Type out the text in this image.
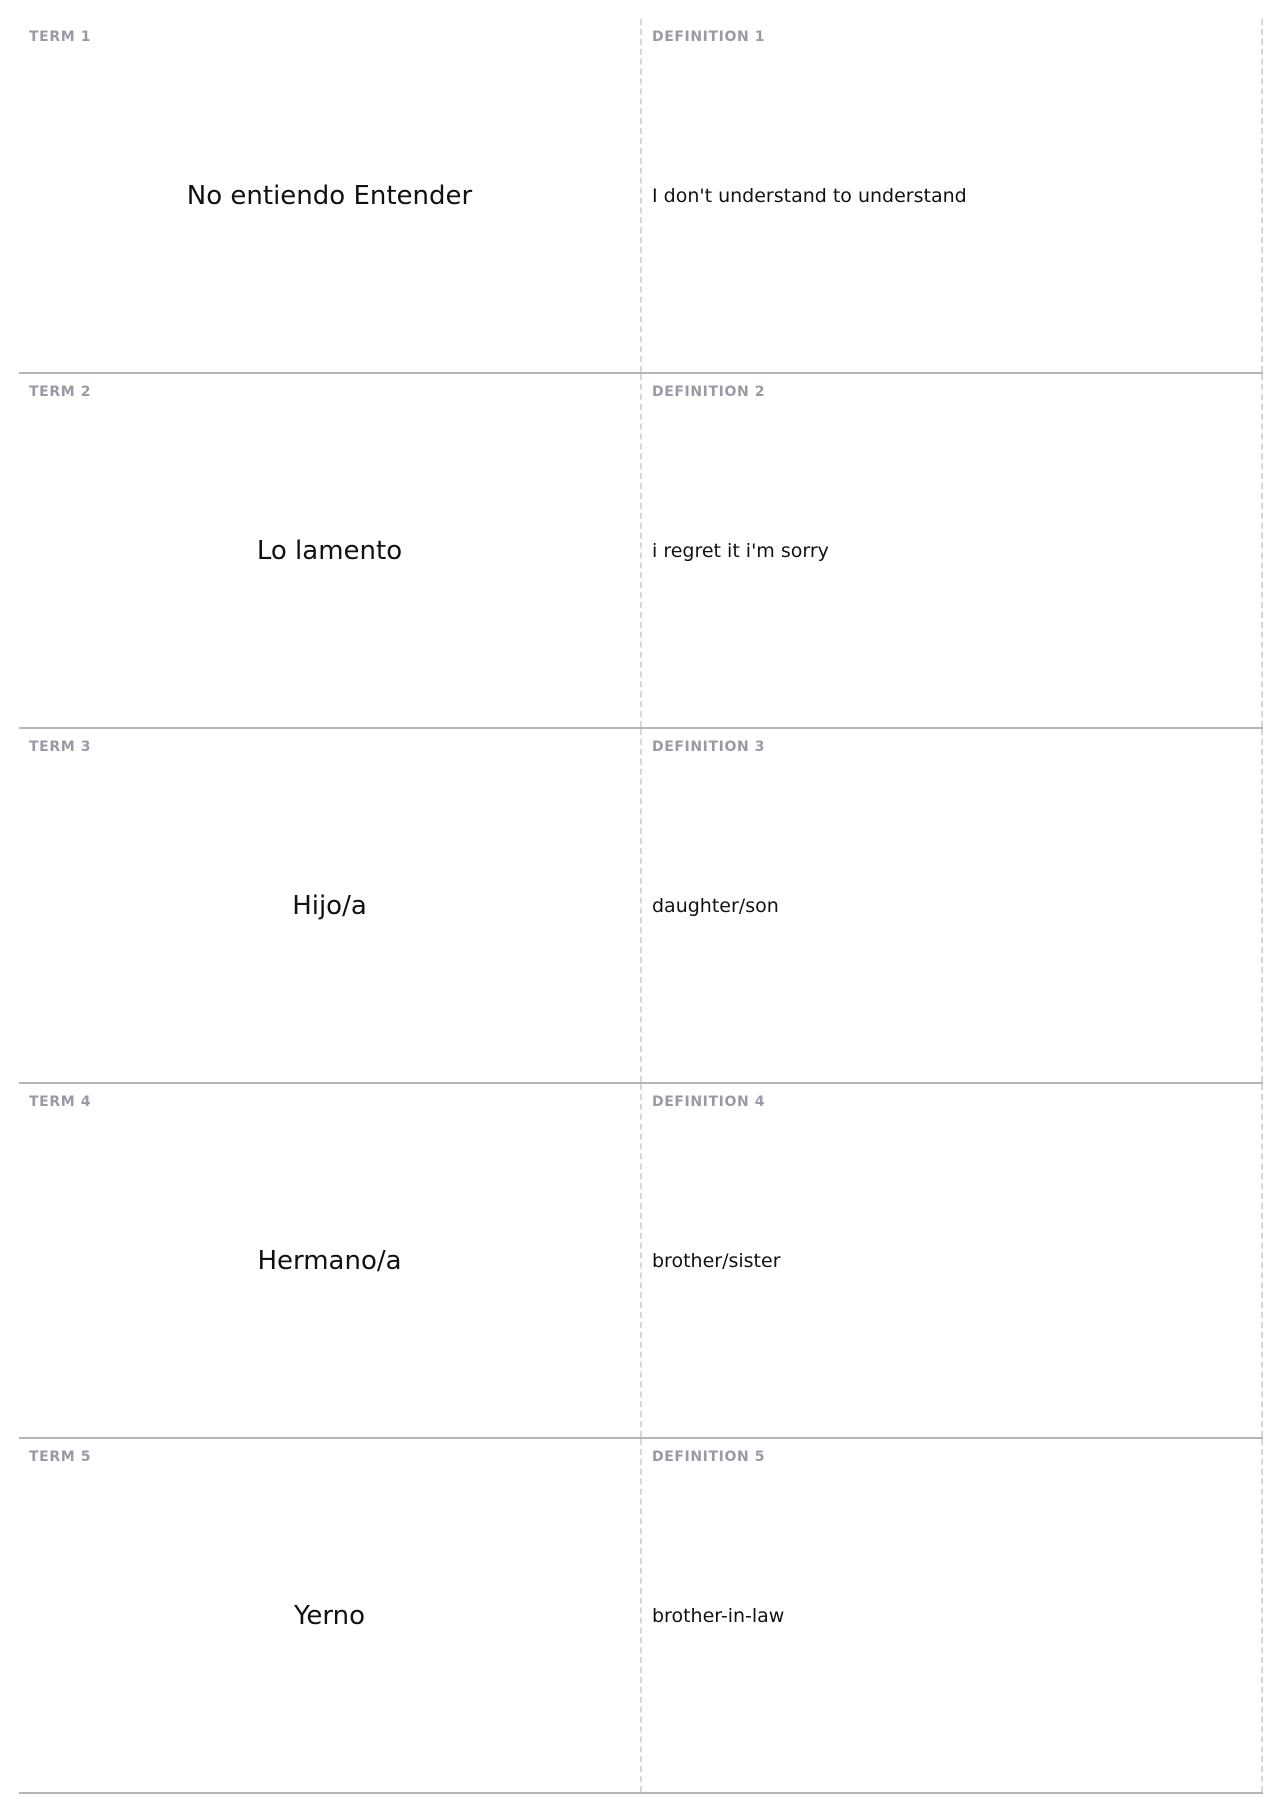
TERM 1
No entiendo Entender
DEFINITION 1
I don't understand to understand
TERM 2
Lo lamento
DEFINITION 2
i regret it i'm sorry
TERM 3
Hijo/a
DEFINITION 3
daughter/son
TERM 4
Hermano/a
DEFINITION 4
brother/sister
TERM 5
Yerno
DEFINITION 5
brother-in-law
